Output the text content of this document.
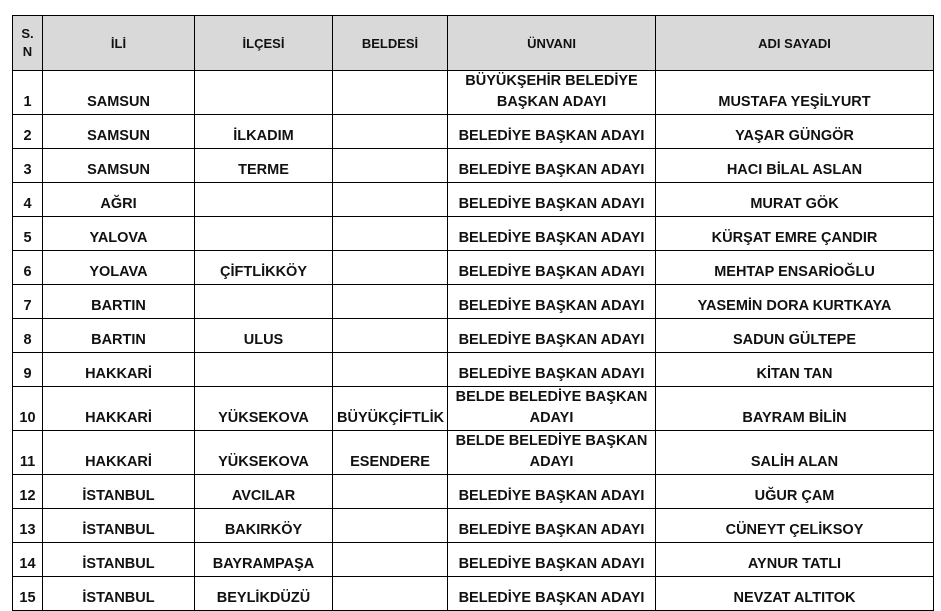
S. N	İLİ	İLÇESİ	BELDESİ	ÜNVANI	ADI SAYADI
1	SAMSUN			BÜYÜKŞEHİR BELEDİYE BAŞKAN ADAYI	MUSTAFA YEŞİLYURT
2	SAMSUN	İLKADIM		BELEDİYE BAŞKAN ADAYI	YAŞAR GÜNGÖR
3	SAMSUN	TERME		BELEDİYE BAŞKAN ADAYI	HACI BİLAL ASLAN
4	AĞRI			BELEDİYE BAŞKAN ADAYI	MURAT GÖK
5	YALOVA			BELEDİYE BAŞKAN ADAYI	KÜRŞAT EMRE ÇANDIR
6	YOLAVA	ÇİFTLİKKÖY		BELEDİYE BAŞKAN ADAYI	MEHTAP ENSARİOĞLU
7	BARTIN			BELEDİYE BAŞKAN ADAYI	YASEMİN DORA KURTKAYA
8	BARTIN	ULUS		BELEDİYE BAŞKAN ADAYI	SADUN GÜLTEPE
9	HAKKARİ			BELEDİYE BAŞKAN ADAYI	KİTAN TAN
10	HAKKARİ	YÜKSEKOVA	BÜYÜKÇİFTLİK	BELDE BELEDİYE BAŞKAN ADAYI	BAYRAM BİLİN
11	HAKKARİ	YÜKSEKOVA	ESENDERE	BELDE BELEDİYE BAŞKAN ADAYI	SALİH ALAN
12	İSTANBUL	AVCILAR		BELEDİYE BAŞKAN ADAYI	UĞUR ÇAM
13	İSTANBUL	BAKIRKÖY		BELEDİYE BAŞKAN ADAYI	CÜNEYT ÇELİKSOY
14	İSTANBUL	BAYRAMPAŞA		BELEDİYE BAŞKAN ADAYI	AYNUR TATLI
15	İSTANBUL	BEYLİKDÜZÜ		BELEDİYE BAŞKAN ADAYI	NEVZAT ALTITOK
